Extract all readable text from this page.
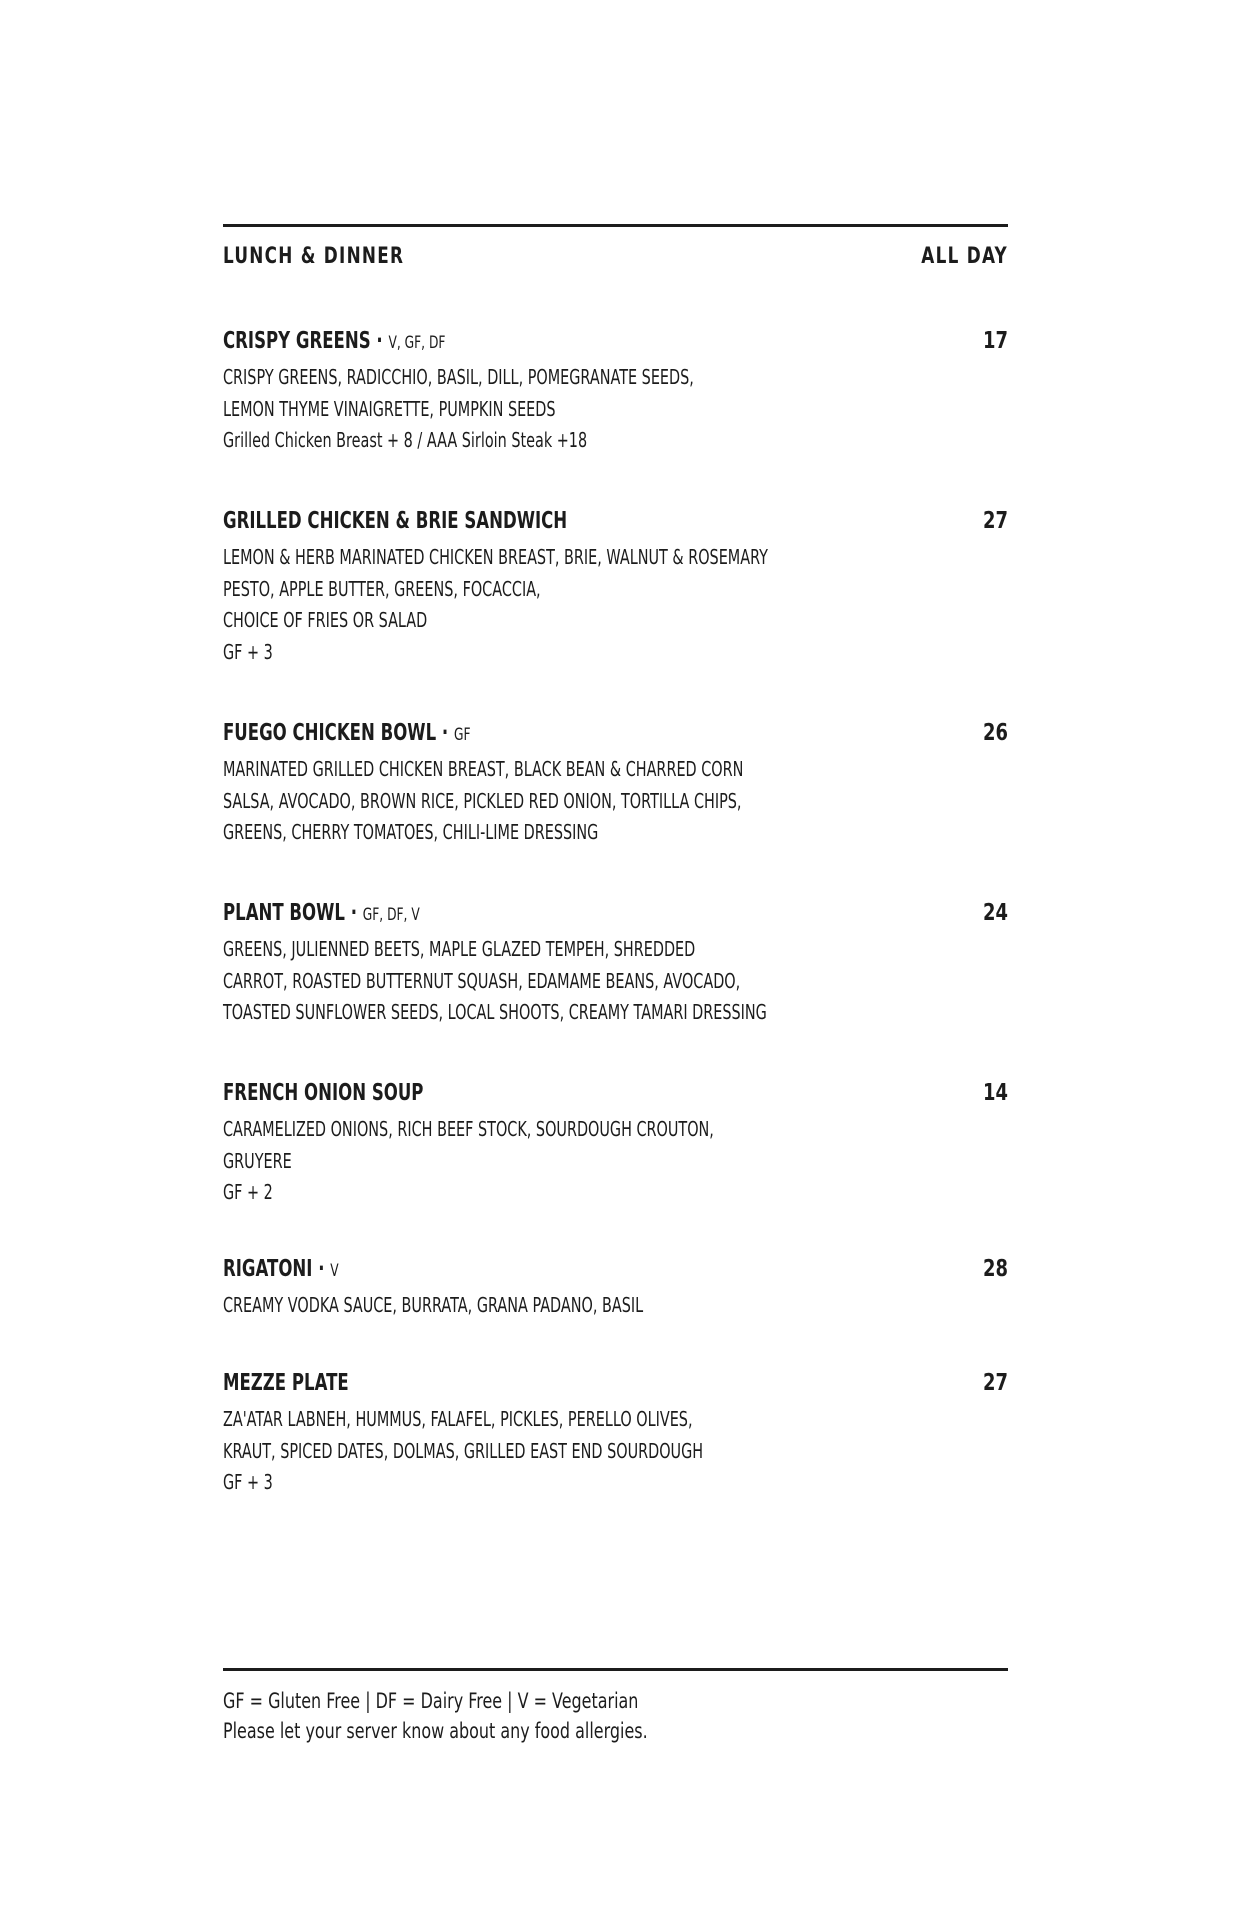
LUNCH & DINNER	ALL DAY
CRISPY GREENS · V, GF, DF	17
CRISPY GREENS, RADICCHIO, BASIL, DILL, POMEGRANATE SEEDS,
LEMON THYME VINAIGRETTE, PUMPKIN SEEDS
Grilled Chicken Breast + 8 / AAA Sirloin Steak +18
GRILLED CHICKEN & BRIE SANDWICH	27
LEMON & HERB MARINATED CHICKEN BREAST, BRIE, WALNUT & ROSEMARY
PESTO, APPLE BUTTER, GREENS, FOCACCIA,
CHOICE OF FRIES OR SALAD
GF + 3
FUEGO CHICKEN BOWL · GF	26
MARINATED GRILLED CHICKEN BREAST, BLACK BEAN & CHARRED CORN
SALSA, AVOCADO, BROWN RICE, PICKLED RED ONION, TORTILLA CHIPS,
GREENS, CHERRY TOMATOES, CHILI-LIME DRESSING
PLANT BOWL · GF, DF, V	24
GREENS, JULIENNED BEETS, MAPLE GLAZED TEMPEH, SHREDDED
CARROT, ROASTED BUTTERNUT SQUASH, EDAMAME BEANS, AVOCADO,
TOASTED SUNFLOWER SEEDS, LOCAL SHOOTS, CREAMY TAMARI DRESSING
FRENCH ONION SOUP	14
CARAMELIZED ONIONS, RICH BEEF STOCK, SOURDOUGH CROUTON,
GRUYERE
GF + 2
RIGATONI · V	28
CREAMY VODKA SAUCE, BURRATA, GRANA PADANO, BASIL
MEZZE PLATE	27
ZA'ATAR LABNEH, HUMMUS, FALAFEL, PICKLES, PERELLO OLIVES,
KRAUT, SPICED DATES, DOLMAS, GRILLED EAST END SOURDOUGH
GF + 3
GF = Gluten Free | DF = Dairy Free | V = Vegetarian
Please let your server know about any food allergies.
